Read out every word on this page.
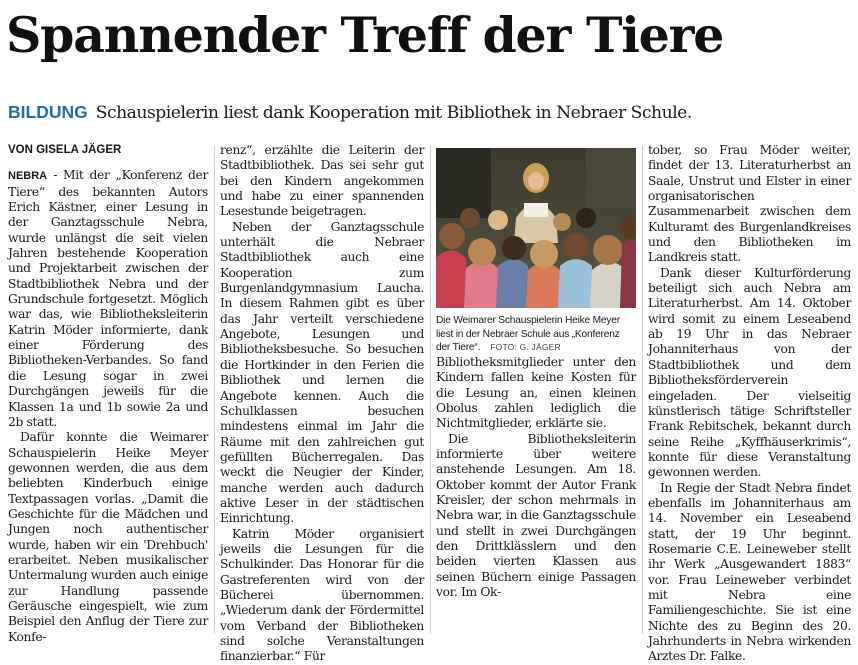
Spannender Treff der Tiere
BILDUNG Schauspielerin liest dank Kooperation mit Bibliothek in Nebraer Schule.
VON GISELA JÄGER

NEBRA - Mit der „Konferenz der Tiere“ des bekannten Autors Erich Kästner, einer Lesung in der Ganztagsschule Nebra, wurde unlängst die seit vielen Jahren bestehende Kooperation und Projektarbeit zwischen der Stadtbibliothek Nebra und der Grundschule fortgesetzt. Möglich war das, wie Bibliotheksleiterin Katrin Möder informierte, dank einer Förderung des Bibliotheken-Verbandes. So fand die Lesung sogar in zwei Durchgängen jeweils für die Klassen 1a und 1b sowie 2a und 2b statt.

Dafür konnte die Weimarer Schauspielerin Heike Meyer gewonnen werden, die aus dem beliebten Kinderbuch einige Textpassagen vorlas. „Damit die Geschichte für die Mädchen und Jungen noch authentischer wurde, haben wir ein 'Drehbuch' erarbeitet. Neben musikalischer Untermalung wurden auch einige zur Handlung passende Geräusche eingespielt, wie zum Beispiel den Anflug der Tiere zur Konfe-

renz“, erzählte die Leiterin der Stadtbibliothek. Das sei sehr gut bei den Kindern angekommen und habe zu einer spannenden Lesestunde beigetragen.

Neben der Ganztagsschule unterhält die Nebraer Stadtbibliothek auch eine Kooperation zum Burgenlandgymnasium Laucha. In diesem Rahmen gibt es über das Jahr verteilt verschiedene Angebote, Lesungen und Bibliotheksbesuche. So besuchen die Hortkinder in den Ferien die Bibliothek und lernen die Angebote kennen. Auch die Schulklassen besuchen mindestens einmal im Jahr die Räume mit den zahlreichen gut gefüllten Bücherregalen. Das weckt die Neugier der Kinder, manche werden auch dadurch aktive Leser in der städtischen Einrichtung.

Katrin Möder organisiert jeweils die Lesungen für die Schulkinder. Das Honorar für die Gastreferenten wird von der Bücherei übernommen. „Wiederum dank der Fördermittel vom Verband der Bibliotheken sind solche Veranstaltungen finanzierbar.“ Für

Die Weimarer Schauspielerin Heike Meyer liest in der Nebraer Schule aus „Konferenz der Tiere“. FOTO: G. JÄGER

Bibliotheksmitglieder unter den Kindern fallen keine Kosten für die Lesung an, einen kleinen Obolus zahlen lediglich die Nichtmitglieder, erklärte sie.

Die Bibliotheksleiterin informierte über weitere anstehende Lesungen. Am 18. Oktober kommt der Autor Frank Kreisler, der schon mehrmals in Nebra war, in die Ganztagsschule und stellt in zwei Durchgängen den Drittklässlern und den beiden vierten Klassen aus seinen Büchern einige Passagen vor. Im Ok-

tober, so Frau Möder weiter, findet der 13. Literaturherbst an Saale, Unstrut und Elster in einer organisatorischen Zusammenarbeit zwischen dem Kulturamt des Burgenlandkreises und den Bibliotheken im Landkreis statt.

Dank dieser Kulturförderung beteiligt sich auch Nebra am Literaturherbst. Am 14. Oktober wird somit zu einem Leseabend ab 19 Uhr in das Nebraer Johanniterhaus von der Stadtbibliothek und dem Bibliotheksförderverein eingeladen. Der vielseitig künstlerisch tätige Schriftsteller Frank Rebitschek, bekannt durch seine Reihe „Kyffhäuserkrimis“, konnte für diese Veranstaltung gewonnen werden.

In Regie der Stadt Nebra findet ebenfalls im Johanniterhaus am 14. November ein Leseabend statt, der 19 Uhr beginnt. Rosemarie C.E. Leineweber stellt ihr Werk „Ausgewandert 1883“ vor. Frau Leineweber verbindet mit Nebra eine Familiengeschichte. Sie ist eine Nichte des zu Beginn des 20. Jahrhunderts in Nebra wirkenden Arztes Dr. Falke.
